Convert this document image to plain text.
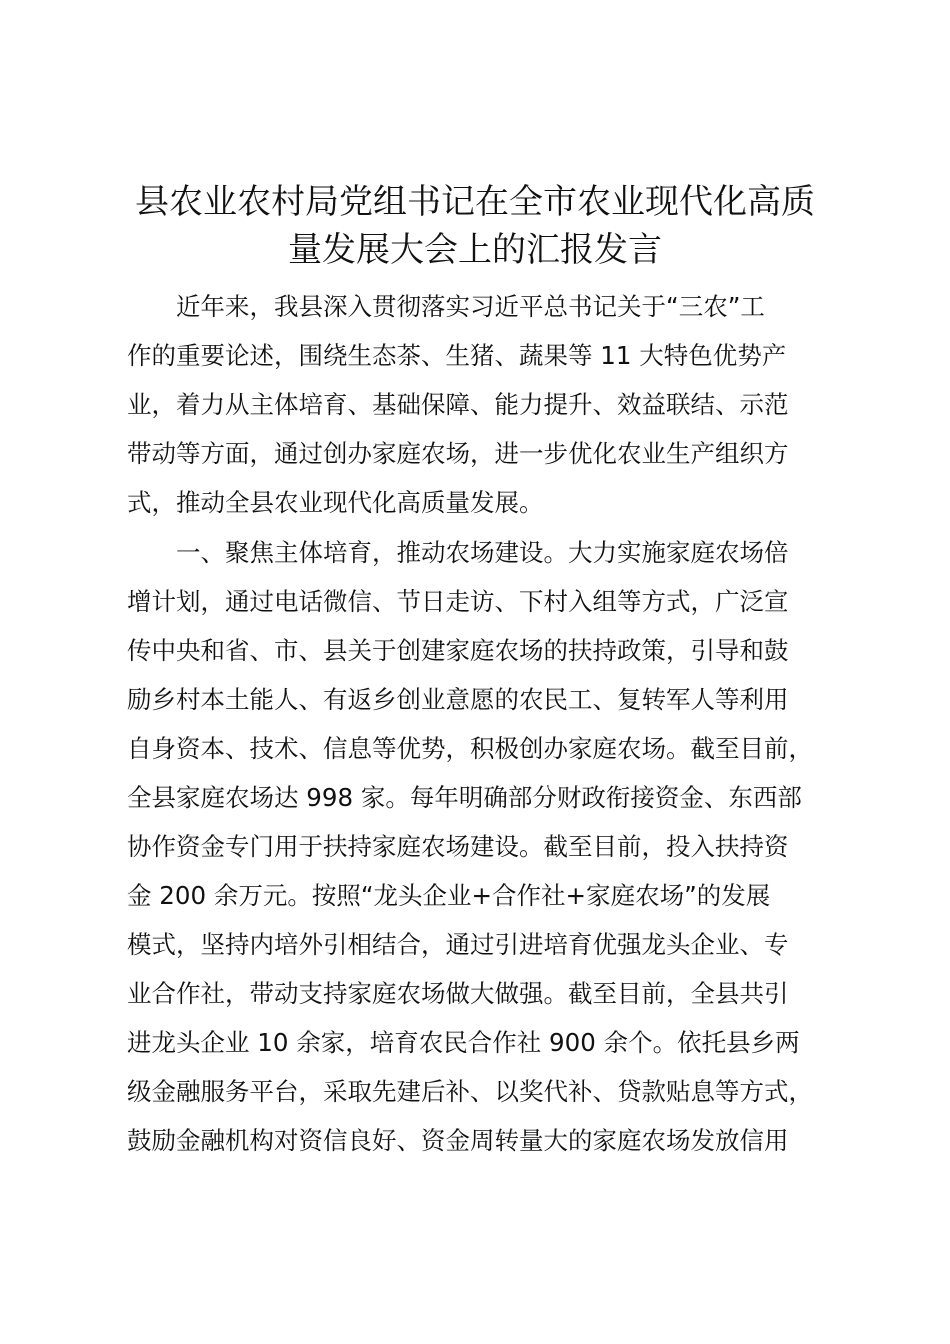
县农业农村局党组书记在全市农业现代化高质
量发展大会上的汇报发言
近年来，我县深入贯彻落实习近平总书记关于“三农”工
作的重要论述，围绕生态茶、生猪、蔬果等 11 大特色优势产
业，着力从主体培育、基础保障、能力提升、效益联结、示范
带动等方面，通过创办家庭农场，进一步优化农业生产组织方
式，推动全县农业现代化高质量发展。
一、聚焦主体培育，推动农场建设。大力实施家庭农场倍
增计划，通过电话微信、节日走访、下村入组等方式，广泛宣
传中央和省、市、县关于创建家庭农场的扶持政策，引导和鼓
励乡村本土能人、有返乡创业意愿的农民工、复转军人等利用
自身资本、技术、信息等优势，积极创办家庭农场。截至目前，
全县家庭农场达 998 家。每年明确部分财政衔接资金、东西部
协作资金专门用于扶持家庭农场建设。截至目前，投入扶持资
金 200 余万元。按照“龙头企业+合作社+家庭农场”的发展
模式，坚持内培外引相结合，通过引进培育优强龙头企业、专
业合作社，带动支持家庭农场做大做强。截至目前，全县共引
进龙头企业 10 余家，培育农民合作社 900 余个。依托县乡两
级金融服务平台，采取先建后补、以奖代补、贷款贴息等方式，
鼓励金融机构对资信良好、资金周转量大的家庭农场发放信用
